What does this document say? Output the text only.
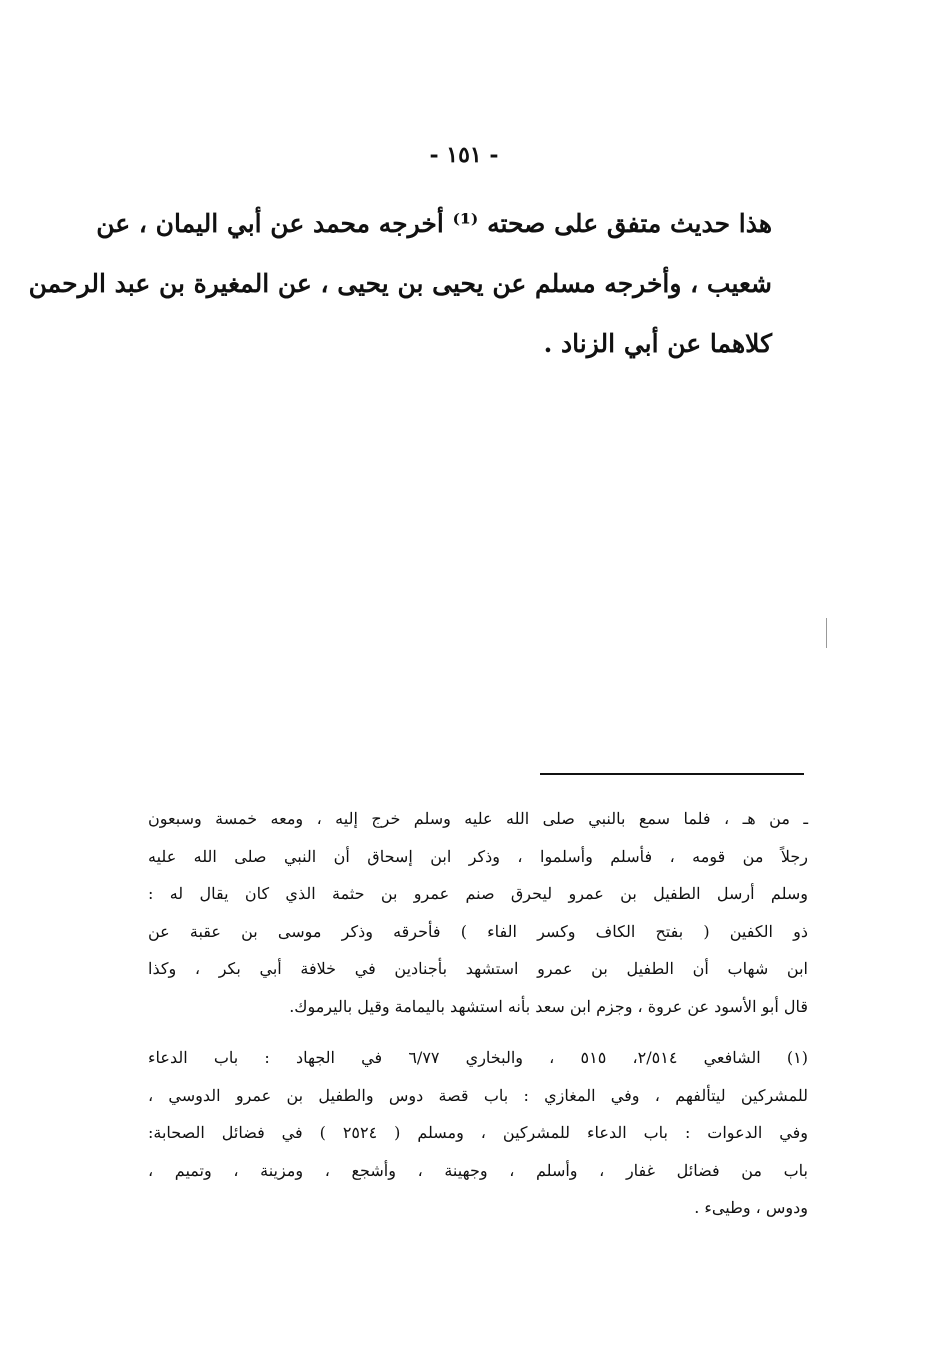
- ١٥١ -
هذا حديث متفق على صحته ⁽¹⁾ أخرجه محمد عن أبي اليمان ، عن
شعيب ، وأخرجه مسلم عن يحيى بن يحيى ، عن المغيرة بن عبد الرحمن
كلاهما عن أبي الزناد .
ـ من هـ ، فلما سمع بالنبي صلى الله عليه وسلم خرج إليه ، ومعه خمسة وسبعون
رجلاً من قومه ، فأسلم وأسلموا ، وذكر ابن إسحاق أن النبي صلى الله عليه
وسلم أرسل الطفيل بن عمرو ليحرق صنم عمرو بن حثمة الذي كان يقال له :
ذو الكفين ( بفتح الكاف وكسر الفاء ) فأحرقه وذكر موسى بن عقبة عن
ابن شهاب أن الطفيل بن عمرو استشهد بأجنادين في خلافة أبي بكر ، وكذا
قال أبو الأسود عن عروة ، وجزم ابن سعد بأنه استشهد باليمامة وقيل باليرموك.
(١) الشافعي ٢/٥١٤، ٥١٥ ، والبخاري ٦/٧٧ في الجهاد : باب الدعاء
للمشركين ليتألفهم ، وفي المغازي : باب قصة دوس والطفيل بن عمرو الدوسي ،
وفي الدعوات : باب الدعاء للمشركين ، ومسلم ( ٢٥٢٤ ) في فضائل الصحابة:
باب من فضائل غفار ، وأسلم ، وجهينة ، وأشجع ، ومزينة ، وتميم ،
ودوس ، وطيىء .
